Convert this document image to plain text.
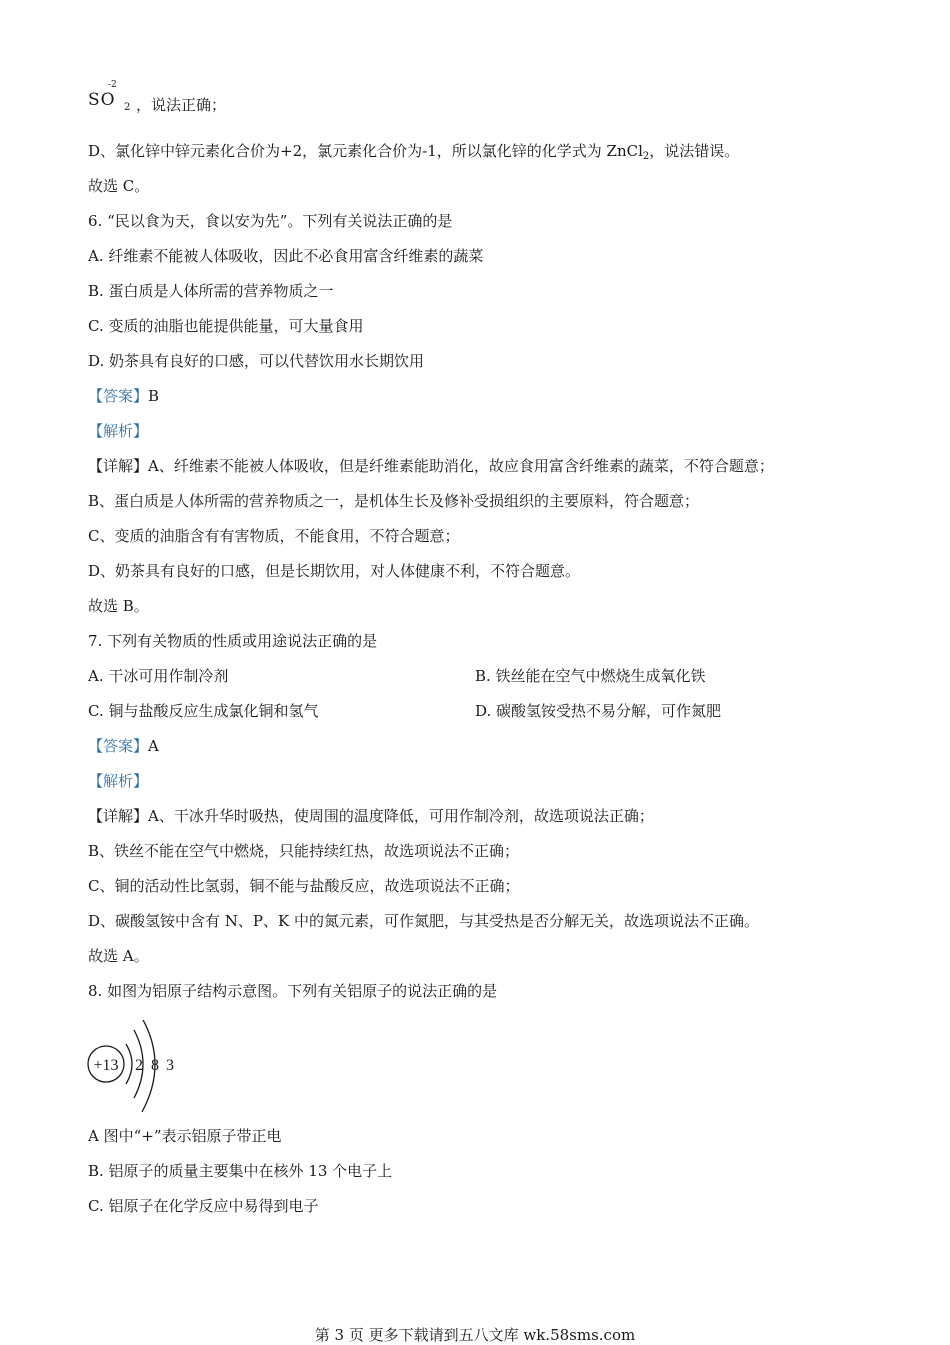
-2
SO 2 ，说法正确；
D、氯化锌中锌元素化合价为+2，氯元素化合价为-1，所以氯化锌的化学式为 ZnCl$_2$，说法错误。
故选 C。
6. “民以食为天，食以安为先”。下列有关说法正确的是
A. 纤维素不能被人体吸收，因此不必食用富含纤维素的蔬菜
B. 蛋白质是人体所需的营养物质之一
C. 变质的油脂也能提供能量，可大量食用
D. 奶茶具有良好的口感，可以代替饮用水长期饮用
【答案】B
【解析】
【详解】A、纤维素不能被人体吸收，但是纤维素能助消化，故应食用富含纤维素的蔬菜，不符合题意；
B、蛋白质是人体所需的营养物质之一，是机体生长及修补受损组织的主要原料，符合题意；
C、变质的油脂含有有害物质，不能食用，不符合题意；
D、奶茶具有良好的口感，但是长期饮用，对人体健康不利，不符合题意。
故选 B。
7. 下列有关物质的性质或用途说法正确的是
A. 干冰可用作制冷剂	B. 铁丝能在空气中燃烧生成氧化铁
C. 铜与盐酸反应生成氯化铜和氢气	D. 碳酸氢铵受热不易分解，可作氮肥
【答案】A
【解析】
【详解】A、干冰升华时吸热，使周围的温度降低，可用作制冷剂，故选项说法正确；
B、铁丝不能在空气中燃烧，只能持续红热，故选项说法不正确；
C、铜的活动性比氢弱，铜不能与盐酸反应，故选项说法不正确；
D、碳酸氢铵中含有 N、P、K 中的氮元素，可作氮肥，与其受热是否分解无关，故选项说法不正确。
故选 A。
8. 如图为铝原子结构示意图。下列有关铝原子的说法正确的是
+13 2 8 3
A 图中“+”表示铝原子带正电
B. 铝原子的质量主要集中在核外 13 个电子上
C. 铝原子在化学反应中易得到电子
第 3 页 更多下载请到五八文库 wk.58sms.com
